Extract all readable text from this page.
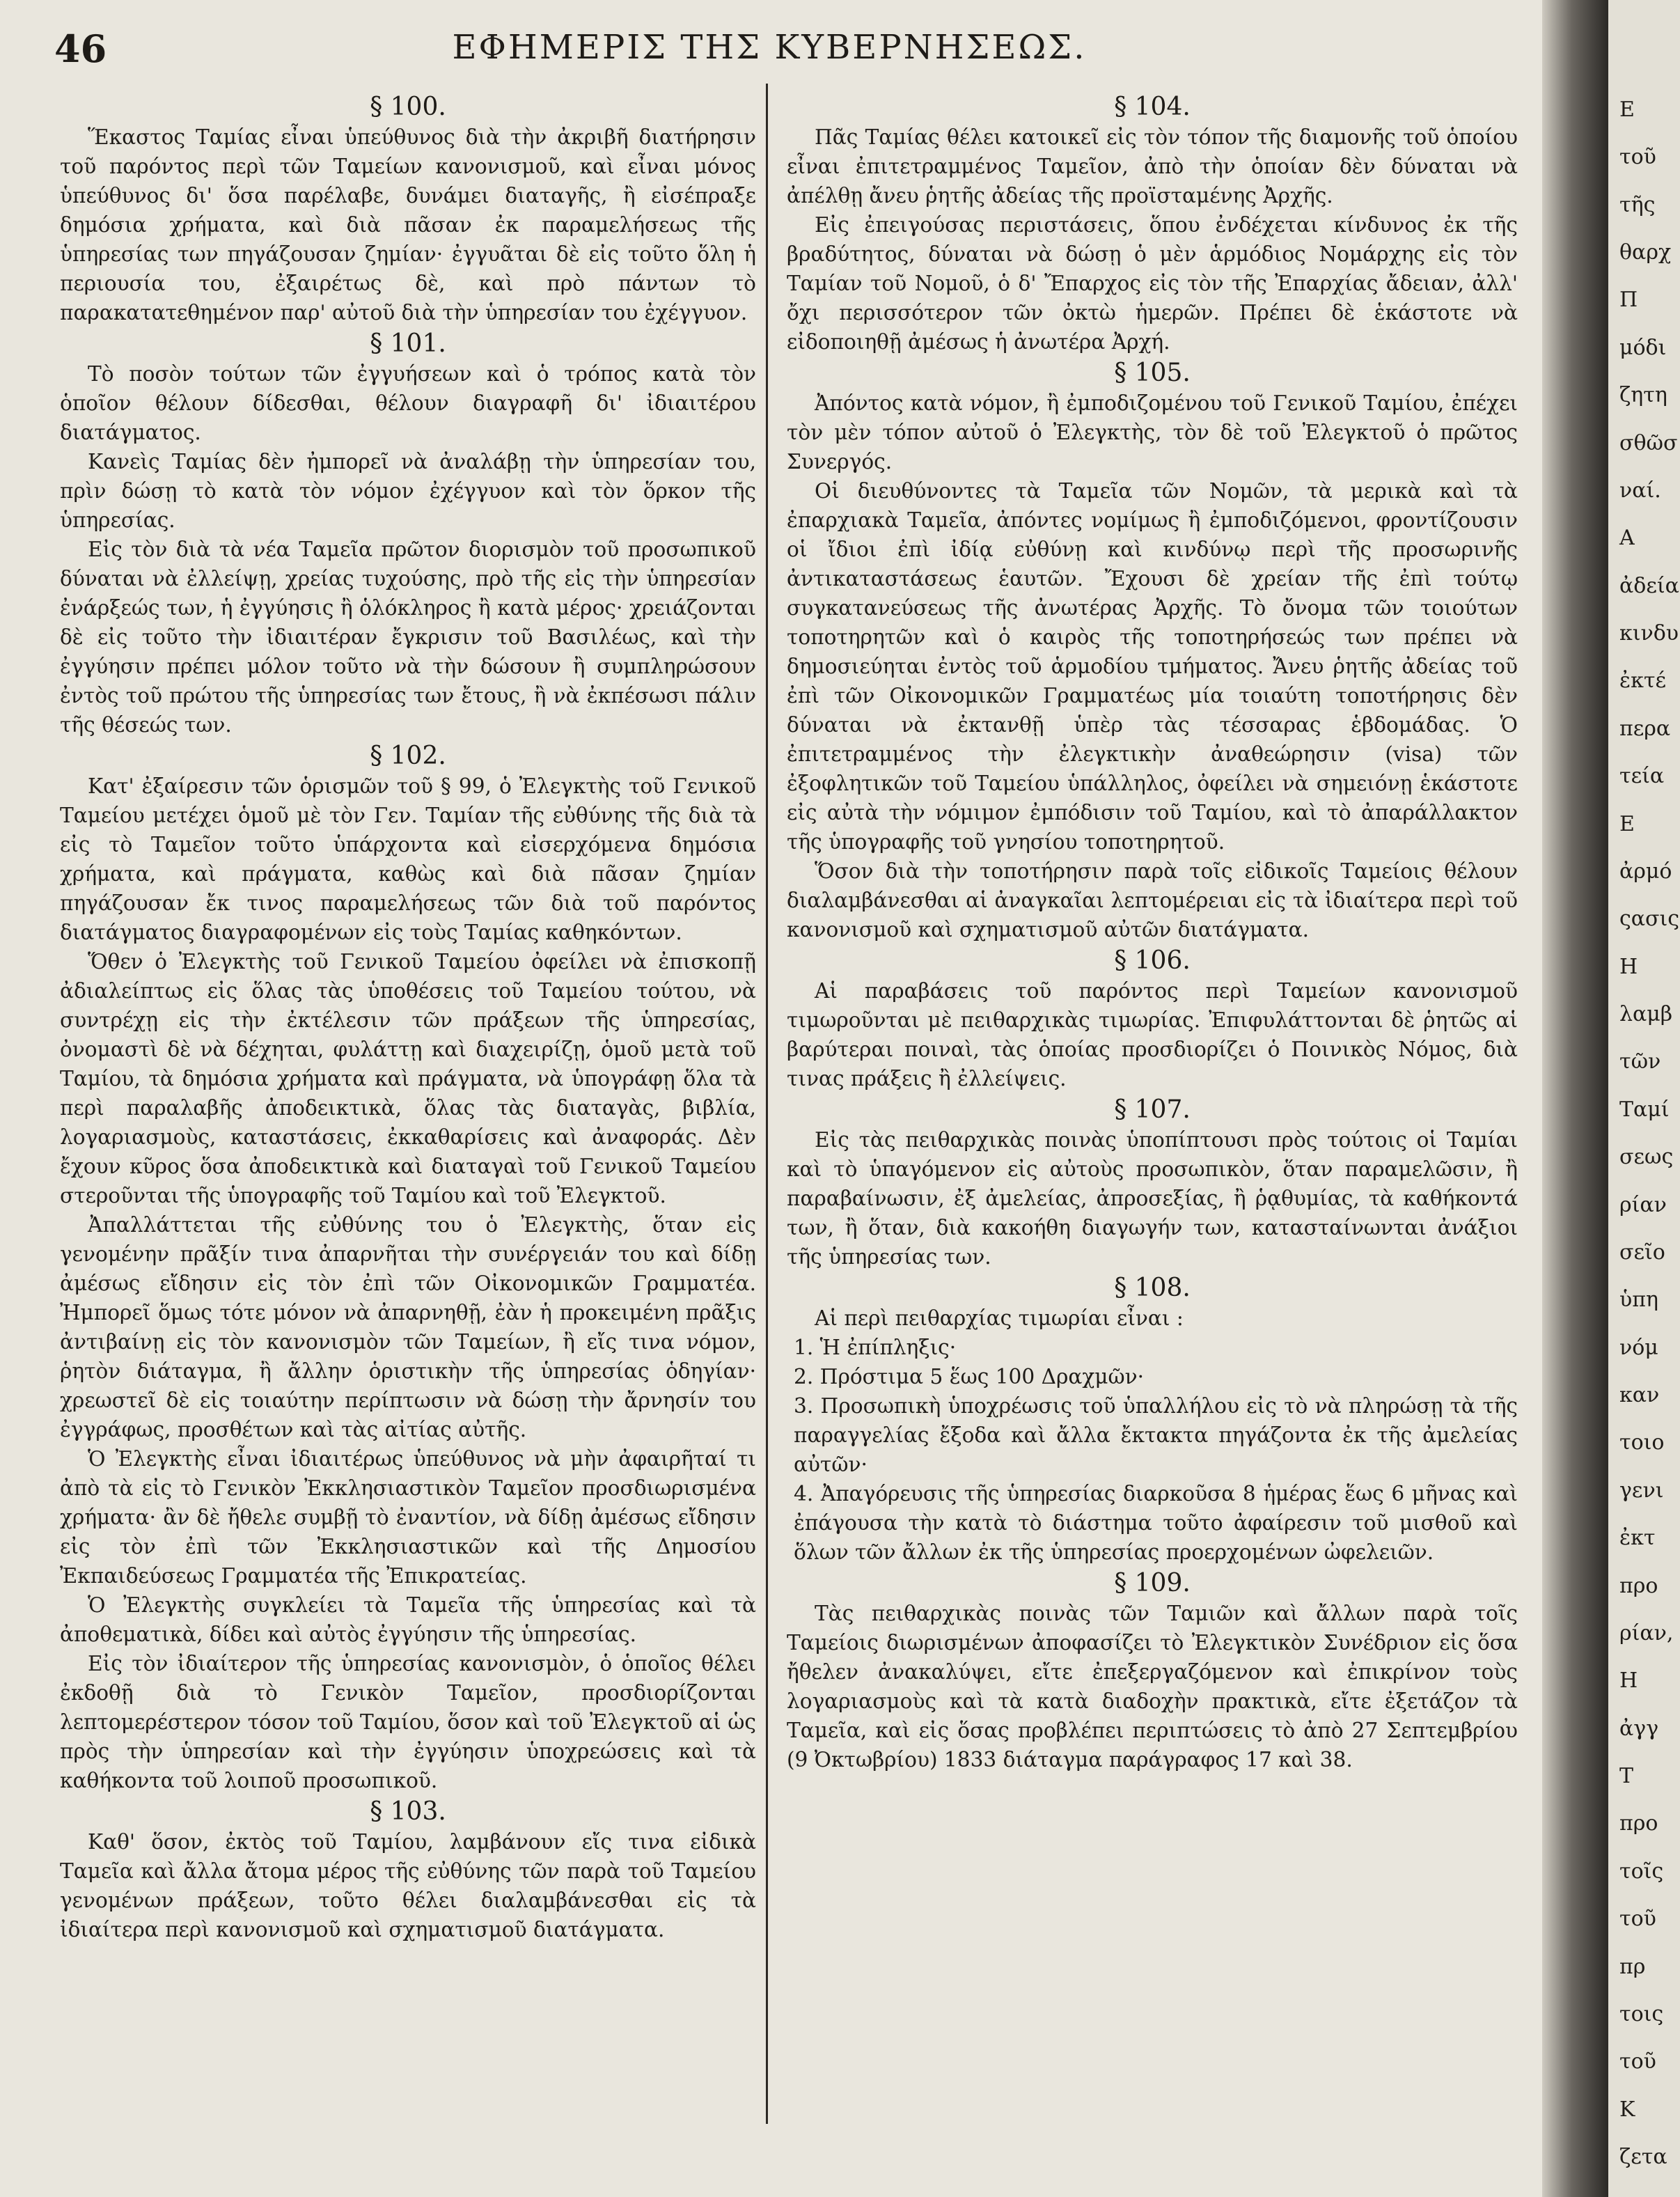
46	ΕΦΗΜΕΡΙΣ ΤΗΣ ΚΥΒΕΡΝΗΣΕΩΣ.
§ 100.

Ἕκαστος Ταμίας εἶναι ὑπεύθυνος διὰ τὴν ἀκριβῆ διατήρησιν τοῦ παρόντος περὶ τῶν Ταμείων κανονισμοῦ, καὶ εἶναι μόνος ὑπεύθυνος δι' ὅσα παρέλαβε, δυνάμει διαταγῆς, ἢ εἰσέπραξε δημόσια χρήματα, καὶ διὰ πᾶσαν ἐκ παραμελήσεως τῆς ὑπηρεσίας των πηγάζουσαν ζημίαν· ἐγγυᾶται δὲ εἰς τοῦτο ὅλη ἡ περιουσία του, ἐξαιρέτως δὲ, καὶ πρὸ πάντων τὸ παρακατατεθημένον παρ' αὐτοῦ διὰ τὴν ὑπηρεσίαν του ἐχέγγυον.

§ 101.

Τὸ ποσὸν τούτων τῶν ἐγγυήσεων καὶ ὁ τρόπος κατὰ τὸν ὁποῖον θέλουν δίδεσθαι, θέλουν διαγραφῆ δι' ἰδιαιτέρου διατάγματος.

Κανεὶς Ταμίας δὲν ἠμπορεῖ νὰ ἀναλάβῃ τὴν ὑπηρεσίαν του, πρὶν δώσῃ τὸ κατὰ τὸν νόμον ἐχέγγυον καὶ τὸν ὅρκον τῆς ὑπηρεσίας.

Εἰς τὸν διὰ τὰ νέα Ταμεῖα πρῶτον διορισμὸν τοῦ προσωπικοῦ δύναται νὰ ἐλλείψῃ, χρείας τυχούσης, πρὸ τῆς εἰς τὴν ὑπηρεσίαν ἐνάρξεώς των, ἡ ἐγγύησις ἢ ὁλόκληρος ἢ κατὰ μέρος· χρειάζονται δὲ εἰς τοῦτο τὴν ἰδιαιτέραν ἔγκρισιν τοῦ Βασιλέως, καὶ τὴν ἐγγύησιν πρέπει μόλον τοῦτο νὰ τὴν δώσουν ἢ συμπληρώσουν ἐντὸς τοῦ πρώτου τῆς ὑπηρεσίας των ἔτους, ἢ νὰ ἐκπέσωσι πάλιν τῆς θέσεώς των.

§ 102.

Κατ' ἐξαίρεσιν τῶν ὁρισμῶν τοῦ § 99, ὁ Ἐλεγκτὴς τοῦ Γενικοῦ Ταμείου μετέχει ὁμοῦ μὲ τὸν Γεν. Ταμίαν τῆς εὐθύνης τῆς διὰ τὰ εἰς τὸ Ταμεῖον τοῦτο ὑπάρχοντα καὶ εἰσερχόμενα δημόσια χρήματα, καὶ πράγματα, καθὼς καὶ διὰ πᾶσαν ζημίαν πηγάζουσαν ἔκ τινος παραμελήσεως τῶν διὰ τοῦ παρόντος διατάγματος διαγραφομένων εἰς τοὺς Ταμίας καθηκόντων.

Ὅθεν ὁ Ἐλεγκτὴς τοῦ Γενικοῦ Ταμείου ὀφείλει νὰ ἐπισκοπῇ ἀδιαλείπτως εἰς ὅλας τὰς ὑποθέσεις τοῦ Ταμείου τούτου, νὰ συντρέχῃ εἰς τὴν ἐκτέλεσιν τῶν πράξεων τῆς ὑπηρεσίας, ὀνομαστὶ δὲ νὰ δέχηται, φυλάττῃ καὶ διαχειρίζῃ, ὁμοῦ μετὰ τοῦ Ταμίου, τὰ δημόσια χρήματα καὶ πράγματα, νὰ ὑπογράφῃ ὅλα τὰ περὶ παραλαβῆς ἀποδεικτικὰ, ὅλας τὰς διαταγὰς, βιβλία, λογαριασμοὺς, καταστάσεις, ἐκκαθαρίσεις καὶ ἀναφοράς. Δὲν ἔχουν κῦρος ὅσα ἀποδεικτικὰ καὶ διαταγαὶ τοῦ Γενικοῦ Ταμείου στεροῦνται τῆς ὑπογραφῆς τοῦ Ταμίου καὶ τοῦ Ἐλεγκτοῦ.

Ἀπαλλάττεται τῆς εὐθύνης του ὁ Ἐλεγκτὴς, ὅταν εἰς γενομένην πρᾶξίν τινα ἀπαρνῆται τὴν συνέργειάν του καὶ δίδῃ ἀμέσως εἴδησιν εἰς τὸν ἐπὶ τῶν Οἰκονομικῶν Γραμματέα. Ἠμπορεῖ ὅμως τότε μόνον νὰ ἀπαρνηθῇ, ἐὰν ἡ προκειμένη πρᾶξις ἀντιβαίνῃ εἰς τὸν κανονισμὸν τῶν Ταμείων, ἢ εἴς τινα νόμον, ῥητὸν διάταγμα, ἢ ἄλλην ὁριστικὴν τῆς ὑπηρεσίας ὁδηγίαν· χρεωστεῖ δὲ εἰς τοιαύτην περίπτωσιν νὰ δώσῃ τὴν ἄρνησίν του ἐγγράφως, προσθέτων καὶ τὰς αἰτίας αὐτῆς.

Ὁ Ἐλεγκτὴς εἶναι ἰδιαιτέρως ὑπεύθυνος νὰ μὴν ἀφαιρῆταί τι ἀπὸ τὰ εἰς τὸ Γενικὸν Ἐκκλησιαστικὸν Ταμεῖον προσδιωρισμένα χρήματα· ἂν δὲ ἤθελε συμβῇ τὸ ἐναντίον, νὰ δίδῃ ἀμέσως εἴδησιν εἰς τὸν ἐπὶ τῶν Ἐκκλησιαστικῶν καὶ τῆς Δημοσίου Ἐκπαιδεύσεως Γραμματέα τῆς Ἐπικρατείας.

Ὁ Ἐλεγκτὴς συγκλείει τὰ Ταμεῖα τῆς ὑπηρεσίας καὶ τὰ ἀποθεματικὰ, δίδει καὶ αὐτὸς ἐγγύησιν τῆς ὑπηρεσίας.

Εἰς τὸν ἰδιαίτερον τῆς ὑπηρεσίας κανονισμὸν, ὁ ὁποῖος θέλει ἐκδοθῇ διὰ τὸ Γενικὸν Ταμεῖον, προσδιορίζονται λεπτομερέστερον τόσον τοῦ Ταμίου, ὅσον καὶ τοῦ Ἐλεγκτοῦ αἱ ὡς πρὸς τὴν ὑπηρεσίαν καὶ τὴν ἐγγύησιν ὑποχρεώσεις καὶ τὰ καθήκοντα τοῦ λοιποῦ προσωπικοῦ.

§ 103.

Καθ' ὅσον, ἐκτὸς τοῦ Ταμίου, λαμβάνουν εἴς τινα εἰδικὰ Ταμεῖα καὶ ἄλλα ἄτομα μέρος τῆς εὐθύνης τῶν παρὰ τοῦ Ταμείου γενομένων πράξεων, τοῦτο θέλει διαλαμβάνεσθαι εἰς τὰ ἰδιαίτερα περὶ κανονισμοῦ καὶ σχηματισμοῦ διατάγματα.

§ 104.

Πᾶς Ταμίας θέλει κατοικεῖ εἰς τὸν τόπον τῆς διαμονῆς τοῦ ὁποίου εἶναι ἐπιτετραμμένος Ταμεῖον, ἀπὸ τὴν ὁποίαν δὲν δύναται νὰ ἀπέλθῃ ἄνευ ῥητῆς ἀδείας τῆς προϊσταμένης Ἀρχῆς.

Εἰς ἐπειγούσας περιστάσεις, ὅπου ἐνδέχεται κίνδυνος ἐκ τῆς βραδύτητος, δύναται νὰ δώσῃ ὁ μὲν ἁρμόδιος Νομάρχης εἰς τὸν Ταμίαν τοῦ Νομοῦ, ὁ δ' Ἔπαρχος εἰς τὸν τῆς Ἐπαρχίας ἄδειαν, ἀλλ' ὄχι περισσότερον τῶν ὀκτὼ ἡμερῶν. Πρέπει δὲ ἑκάστοτε νὰ εἰδοποιηθῇ ἀμέσως ἡ ἀνωτέρα Ἀρχή.

§ 105.

Ἀπόντος κατὰ νόμον, ἢ ἐμποδιζομένου τοῦ Γενικοῦ Ταμίου, ἐπέχει τὸν μὲν τόπον αὐτοῦ ὁ Ἐλεγκτὴς, τὸν δὲ τοῦ Ἐλεγκτοῦ ὁ πρῶτος Συνεργός.

Οἱ διευθύνοντες τὰ Ταμεῖα τῶν Νομῶν, τὰ μερικὰ καὶ τὰ ἐπαρχιακὰ Ταμεῖα, ἀπόντες νομίμως ἢ ἐμποδιζόμενοι, φροντίζουσιν οἱ ἴδιοι ἐπὶ ἰδίᾳ εὐθύνῃ καὶ κινδύνῳ περὶ τῆς προσωρινῆς ἀντικαταστάσεως ἑαυτῶν. Ἔχουσι δὲ χρείαν τῆς ἐπὶ τούτῳ συγκατανεύσεως τῆς ἀνωτέρας Ἀρχῆς. Τὸ ὄνομα τῶν τοιούτων τοποτηρητῶν καὶ ὁ καιρὸς τῆς τοποτηρήσεώς των πρέπει νὰ δημοσιεύηται ἐντὸς τοῦ ἁρμοδίου τμήματος. Ἄνευ ῥητῆς ἀδείας τοῦ ἐπὶ τῶν Οἰκονομικῶν Γραμματέως μία τοιαύτη τοποτήρησις δὲν δύναται νὰ ἐκτανθῇ ὑπὲρ τὰς τέσσαρας ἑβδομάδας. Ὁ ἐπιτετραμμένος τὴν ἐλεγκτικὴν ἀναθεώρησιν (visa) τῶν ἐξοφλητικῶν τοῦ Ταμείου ὑπάλληλος, ὀφείλει νὰ σημειόνῃ ἑκάστοτε εἰς αὐτὰ τὴν νόμιμον ἐμπόδισιν τοῦ Ταμίου, καὶ τὸ ἀπαράλλακτον τῆς ὑπογραφῆς τοῦ γνησίου τοποτηρητοῦ.

Ὅσον διὰ τὴν τοποτήρησιν παρὰ τοῖς εἰδικοῖς Ταμείοις θέλουν διαλαμβάνεσθαι αἱ ἀναγκαῖαι λεπτομέρειαι εἰς τὰ ἰδιαίτερα περὶ τοῦ κανονισμοῦ καὶ σχηματισμοῦ αὐτῶν διατάγματα.

§ 106.

Αἱ παραβάσεις τοῦ παρόντος περὶ Ταμείων κανονισμοῦ τιμωροῦνται μὲ πειθαρχικὰς τιμωρίας. Ἐπιφυλάττονται δὲ ῥητῶς αἱ βαρύτεραι ποιναὶ, τὰς ὁποίας προσδιορίζει ὁ Ποινικὸς Νόμος, διὰ τινας πράξεις ἢ ἐλλείψεις.

§ 107.

Εἰς τὰς πειθαρχικὰς ποινὰς ὑποπίπτουσι πρὸς τούτοις οἱ Ταμίαι καὶ τὸ ὑπαγόμενον εἰς αὐτοὺς προσωπικὸν, ὅταν παραμελῶσιν, ἢ παραβαίνωσιν, ἐξ ἀμελείας, ἀπροσεξίας, ἢ ῥᾳθυμίας, τὰ καθήκοντά των, ἢ ὅταν, διὰ κακοήθη διαγωγήν των, κατασταίνωνται ἀνάξιοι τῆς ὑπηρεσίας των.

§ 108.

Αἱ περὶ πειθαρχίας τιμωρίαι εἶναι :

1. Ἡ ἐπίπληξις·

2. Πρόστιμα 5 ἕως 100 Δραχμῶν·

3. Προσωπικὴ ὑποχρέωσις τοῦ ὑπαλλήλου εἰς τὸ νὰ πληρώσῃ τὰ τῆς παραγγελίας ἔξοδα καὶ ἄλλα ἔκτακτα πηγάζοντα ἐκ τῆς ἀμελείας αὐτῶν·

4. Ἀπαγόρευσις τῆς ὑπηρεσίας διαρκοῦσα 8 ἡμέρας ἕως 6 μῆνας καὶ ἐπάγουσα τὴν κατὰ τὸ διάστημα τοῦτο ἀφαίρεσιν τοῦ μισθοῦ καὶ ὅλων τῶν ἄλλων ἐκ τῆς ὑπηρεσίας προερχομένων ὠφελειῶν.

§ 109.

Τὰς πειθαρχικὰς ποινὰς τῶν Ταμιῶν καὶ ἄλλων παρὰ τοῖς Ταμείοις διωρισμένων ἀποφασίζει τὸ Ἐλεγκτικὸν Συνέδριον εἰς ὅσα ἤθελεν ἀνακαλύψει, εἴτε ἐπεξεργαζόμενον καὶ ἐπικρίνον τοὺς λογαριασμοὺς καὶ τὰ κατὰ διαδοχὴν πρακτικὰ, εἴτε ἐξετάζον τὰ Ταμεῖα, καὶ εἰς ὅσας προβλέπει περιπτώσεις τὸ ἀπὸ 27 Σεπτεμβρίου (9 Ὀκτωβρίου) 1833 διάταγμα παράγραφος 17 καὶ 38.

Ε
τοῦ
τῆς
θαρχ
Π
μόδι
ζητη
σθῶσ
ναί.
Α
ἀδεία
κινδυ
ἐκτέ
περα
τεία
Ε
ἀρμό
ςασις
Η
λαμβ
τῶν
Ταμί
σεως
ρίαν
σεῖο
ὑπη
νόμ
καν
τοιο
γενι
ἐκτ
προ
ρίαν,
Η
ἀγγ
Τ
προ
τοῖς
τοῦ
πρ
τοις
τοῦ
Κ
ζετα
